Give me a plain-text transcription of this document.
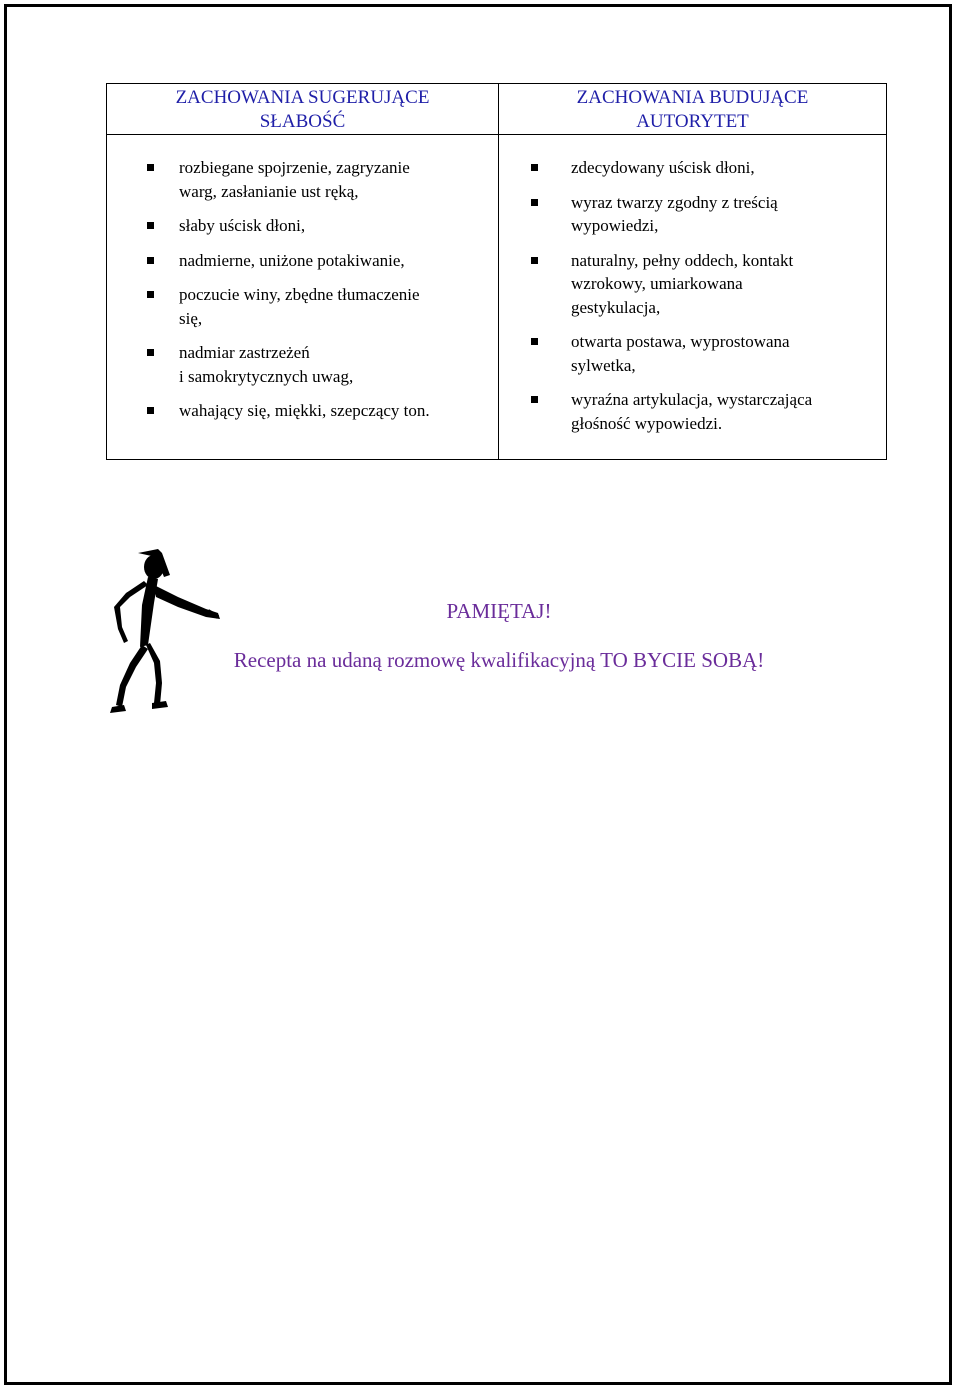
ZACHOWANIA SUGERUJĄCE
SŁABOŚĆ
ZACHOWANIA BUDUJĄCE
AUTORYTET
rozbiegane spojrzenie, zagryzanie
warg, zasłanianie ust ręką,
słaby uścisk dłoni,
nadmierne, uniżone potakiwanie,
poczucie winy, zbędne tłumaczenie
się,
nadmiar zastrzeżeń
i samokrytycznych uwag,
wahający się, miękki, szepczący ton.
zdecydowany uścisk dłoni,
wyraz twarzy zgodny z treścią
wypowiedzi,
naturalny, pełny oddech, kontakt
wzrokowy, umiarkowana
gestykulacja,
otwarta postawa, wyprostowana
sylwetka,
wyraźna artykulacja, wystarczająca
głośność wypowiedzi.
PAMIĘTAJ!
Recepta na udaną rozmowę kwalifikacyjną TO BYCIE SOBĄ!
